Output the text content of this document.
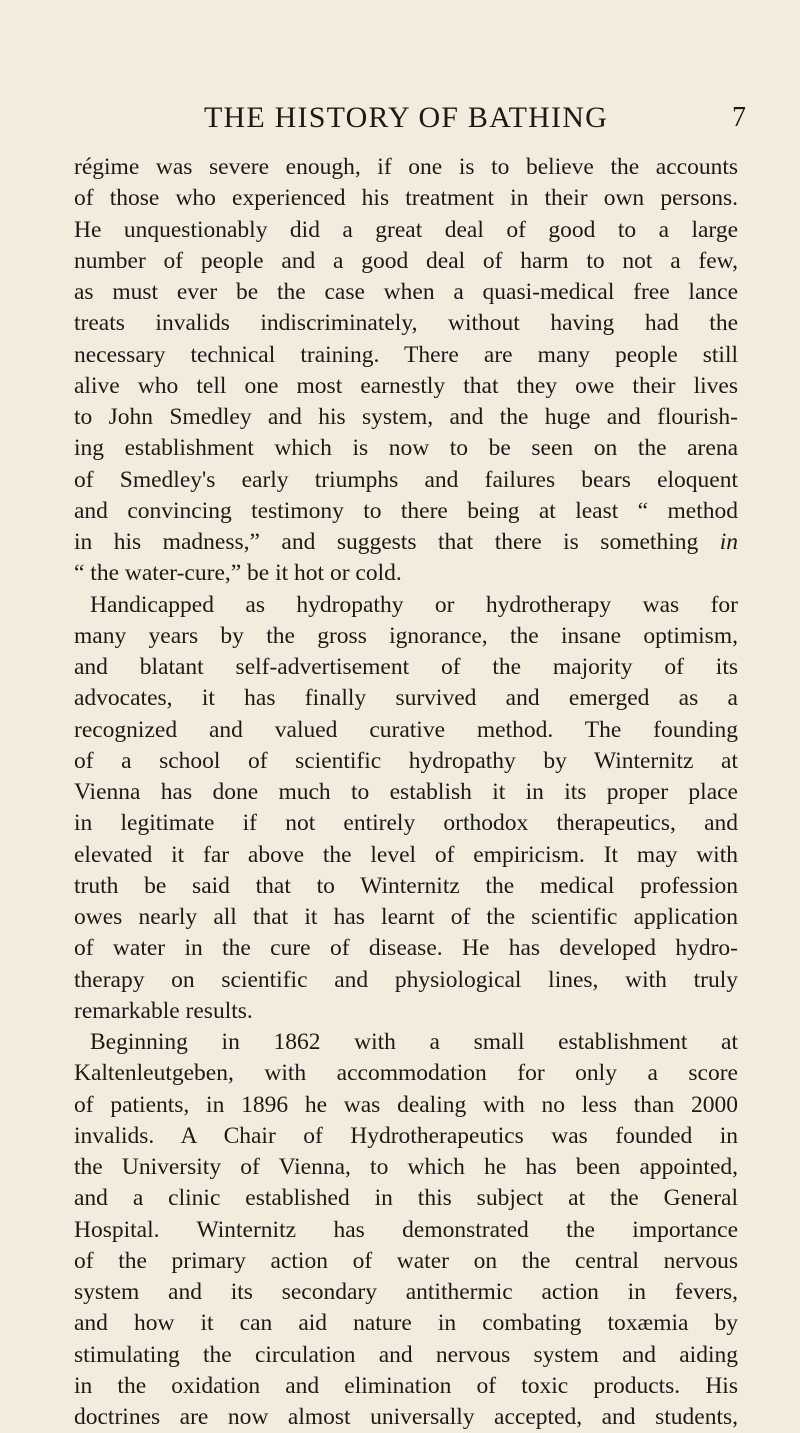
THE HISTORY OF BATHING	7
régime was severe enough, if one is to believe the accounts
of those who experienced his treatment in their own persons.
He unquestionably did a great deal of good to a large
number of people and a good deal of harm to not a few,
as must ever be the case when a quasi-medical free lance
treats invalids indiscriminately, without having had the
necessary technical training. There are many people still
alive who tell one most earnestly that they owe their lives
to John Smedley and his system, and the huge and flourish-
ing establishment which is now to be seen on the arena
of Smedley's early triumphs and failures bears eloquent
and convincing testimony to there being at least “ method
in his madness,” and suggests that there is something in
“ the water-cure,” be it hot or cold.
Handicapped as hydropathy or hydrotherapy was for
many years by the gross ignorance, the insane optimism,
and blatant self-advertisement of the majority of its
advocates, it has finally survived and emerged as a
recognized and valued curative method. The founding
of a school of scientific hydropathy by Winternitz at
Vienna has done much to establish it in its proper place
in legitimate if not entirely orthodox therapeutics, and
elevated it far above the level of empiricism. It may with
truth be said that to Winternitz the medical profession
owes nearly all that it has learnt of the scientific application
of water in the cure of disease. He has developed hydro-
therapy on scientific and physiological lines, with truly
remarkable results.
Beginning in 1862 with a small establishment at
Kaltenleutgeben, with accommodation for only a score
of patients, in 1896 he was dealing with no less than 2000
invalids. A Chair of Hydrotherapeutics was founded in
the University of Vienna, to which he has been appointed,
and a clinic established in this subject at the General
Hospital. Winternitz has demonstrated the importance
of the primary action of water on the central nervous
system and its secondary antithermic action in fevers,
and how it can aid nature in combating toxæmia by
stimulating the circulation and nervous system and aiding
in the oxidation and elimination of toxic products. His
doctrines are now almost universally accepted, and students,
